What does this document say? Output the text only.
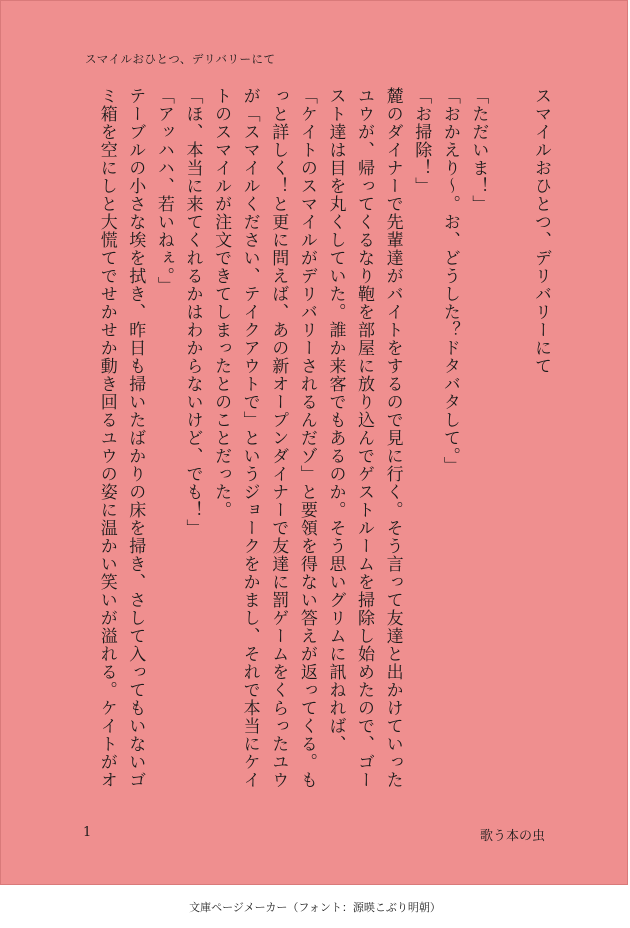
スマイルおひとつ、デリバリーにて

スマイルおひとつ、デリバリーにて

「ただいま！」

「おかえり〜。お、どうした？ドタバタして。」

「お掃除！」

麓のダイナーで先輩達がバイトをするので見に行く。そう言って友達と出かけていったユウが、帰ってくるなり鞄を部屋に放り込んでゲストルームを掃除し始めたので、ゴースト達は目を丸くしていた。誰か来客でもあるのか。そう思いグリムに訊ねれば、

「ケイトのスマイルがデリバリーされるんだゾ」と要領を得ない答えが返ってくる。もっと詳しく！と更に問えば、あの新オープンダイナーで友達に罰ゲームをくらったユウが「スマイルください、テイクアウトで」というジョークをかまし、それで本当にケイトのスマイルが注文できてしまったとのことだった。

「ほ、本当に来てくれるかはわからないけど、でも！」

「アッハハ、若いねぇ。」

テーブルの小さな埃を拭き、昨日も掃いたばかりの床を掃き、さして入ってもいないゴミ箱を空にしと大慌てでせかせか動き回るユウの姿に温かい笑いが溢れる。ケイトがオ

1	歌う本の虫
文庫ページメーカー（フォント：源暎こぶり明朝）
